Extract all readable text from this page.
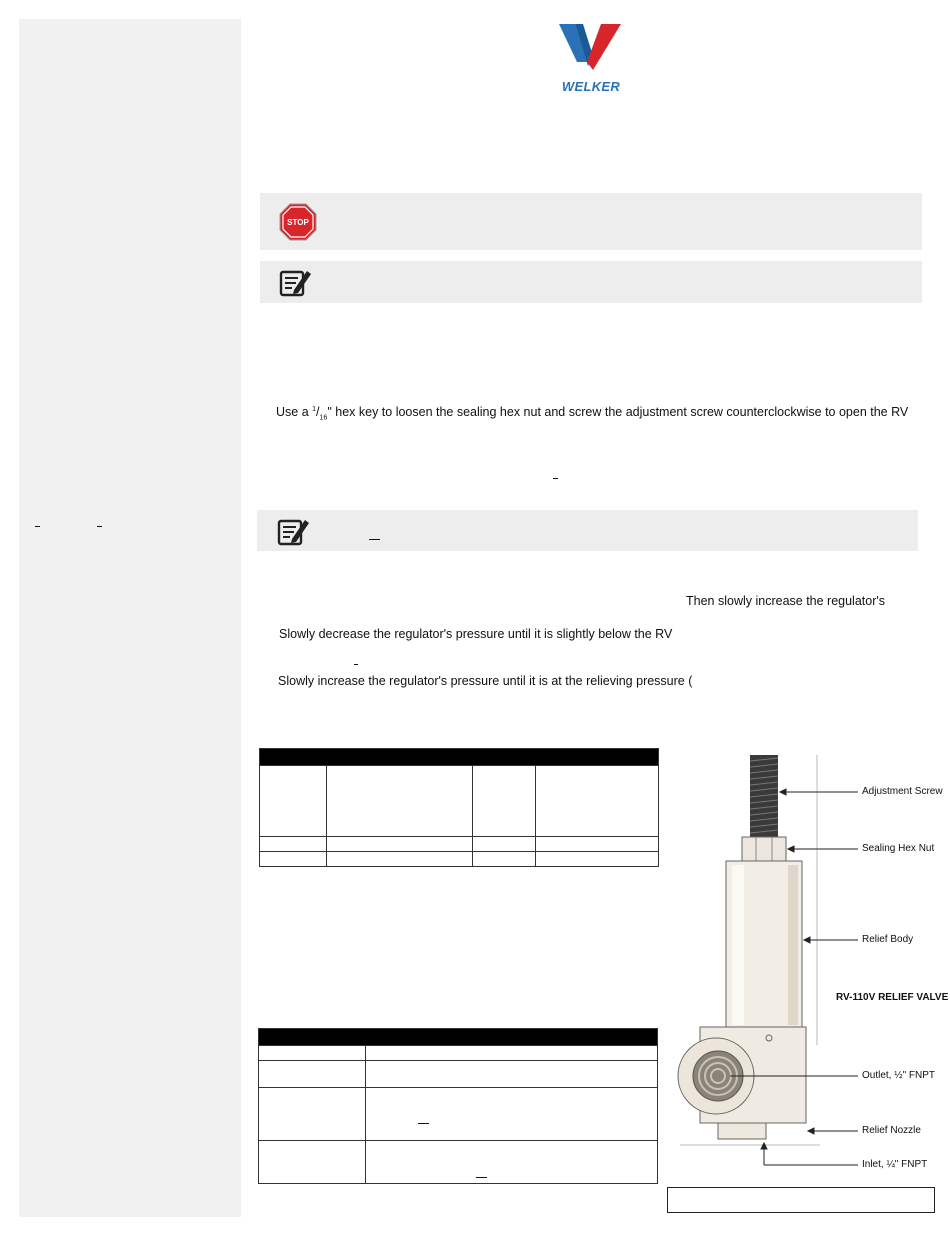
WELKER
STOP
Use a $^1/_{16}$" hex key to loosen the sealing hex nut and screw the adjustment screw counterclockwise to open the RV
Then slowly increase the regulator's
Slowly decrease the regulator's pressure until it is slightly below the RV
Slowly increase the regulator's pressure until it is at the relieving pressure (

Adjustment Screw
Sealing Hex Nut
Relief Body
RV-110V RELIEF VALVE
Outlet, ½" FNPT
Relief Nozzle
Inlet, ¼" FNPT
